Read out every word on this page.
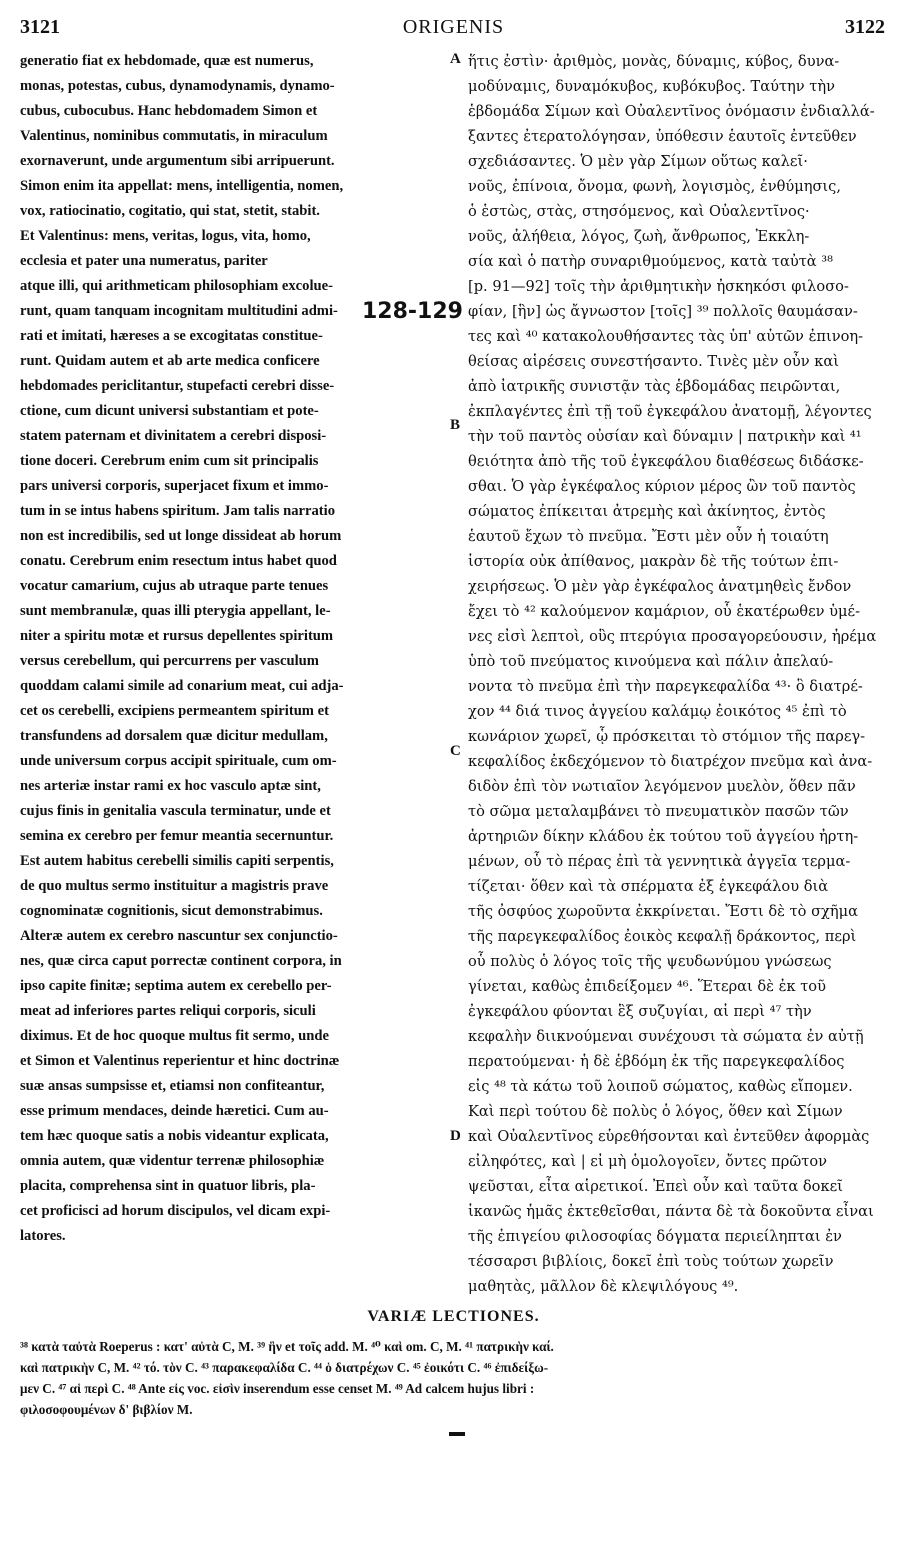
3121	ORIGENIS	3122
generatio fiat ex hebdomade, quæ est numerus,
monas, potestas, cubus, dynamodynamis, dynamo-
cubus, cubocubus. Hanc hebdomadem Simon et
Valentinus, nominibus commutatis, in miraculum
exornaverunt, unde argumentum sibi arripuerunt.
Simon enim ita appellat: mens, intelligentia, nomen,
vox, ratiocinatio, cogitatio, qui stat, stetit, stabit.
Et Valentinus: mens, veritas, logus, vita, homo,
ecclesia et pater una numeratus, pariter
atque illi, qui arithmeticam philosophiam excolue-
runt, quam tanquam incognitam multitudini admi-
rati et imitati, hæreses a se excogitatas constitue-
runt. Quidam autem et ab arte medica conficere
hebdomades periclitantur, stupefacti cerebri disse-
ctione, cum dicunt universi substantiam et pote-
statem paternam et divinitatem a cerebri disposi-
tione doceri. Cerebrum enim cum sit principalis
pars universi corporis, superjacet fixum et immo-
tum in se intus habens spiritum. Jam talis narratio
non est incredibilis, sed ut longe dissideat ab horum
conatu. Cerebrum enim resectum intus habet quod
vocatur camarium, cujus ab utraque parte tenues
sunt membranulæ, quas illi pterygia appellant, le-
niter a spiritu motæ et rursus depellentes spiritum
versus cerebellum, qui percurrens per vasculum
quoddam calami simile ad conarium meat, cui adja-
cet os cerebelli, excipiens permeantem spiritum et
transfundens ad dorsalem quæ dicitur medullam,
unde universum corpus accipit spirituale, cum om-
nes arteriæ instar rami ex hoc vasculo aptæ sint,
cujus finis in genitalia vascula terminatur, unde et
semina ex cerebro per femur meantia secernuntur.
Est autem habitus cerebelli similis capiti serpentis,
de quo multus sermo instituitur a magistris prave
cognominatæ cognitionis, sicut demonstrabimus.
Alteræ autem ex cerebro nascuntur sex conjunctio-
nes, quæ circa caput porrectæ continent corpora, in
ipso capite finitæ; septima autem ex cerebello per-
meat ad inferiores partes reliqui corporis, siculi
diximus. Et de hoc quoque multus fit sermo, unde
et Simon et Valentinus reperientur et hinc doctrinæ
suæ ansas sumpsisse et, etiamsi non confiteantur,
esse primum mendaces, deinde hæretici. Cum au-
tem hæc quoque satis a nobis videantur explicata,
omnia autem, quæ videntur terrenæ philosophiæ
placita, comprehensa sint in quatuor libris, pla-
cet proficisci ad horum discipulos, vel dicam expi-
latores.
ἥτις ἐστὶν· ἀριθμὸς, μονὰς, δύναμις, κύβος, δυνα-
μοδύναμις, δυναμόκυβος, κυβόκυβος. Ταύτην τὴν
ἑβδομάδα Σίμων καὶ Οὐαλεντῖνος ὀνόμασιν ἐνδιαλλά-
ξαντες ἐτερατολόγησαν, ὑπόθεσιν ἑαυτοῖς ἐντεῦθεν
σχεδιάσαντες. Ὁ μὲν γὰρ Σίμων οὕτως καλεῖ·
νοῦς, ἐπίνοια, ὄνομα, φωνὴ, λογισμὸς, ἐνθύμησις,
ὁ ἑστὼς, στὰς, στησόμενος, καὶ Οὐαλεντῖνος·
νοῦς, ἀλήθεια, λόγος, ζωὴ, ἄνθρωπος, Ἐκκλη-
σία καὶ ὁ πατὴρ συναριθμούμενος, κατὰ ταὐτὰ ³⁸
[p. 91—92] τοῖς τὴν ἀριθμητικὴν ἠσκηκόσι φιλοσο-
φίαν, [ἣν] ὡς ἄγνωστον [τοῖς] ³⁹ πολλοῖς θαυμάσαν-
τες καὶ ⁴⁰ κατακολουθήσαντες τὰς ὑπ' αὐτῶν ἐπινοη-
θείσας αἱρέσεις συνεστήσαντο. Τινὲς μὲν οὖν καὶ
ἀπὸ ἰατρικῆς συνιστᾷν τὰς ἑβδομάδας πειρῶνται,
ἐκπλαγέντες ἐπὶ τῇ τοῦ ἐγκεφάλου ἀνατομῇ, λέγοντες
τὴν τοῦ παντὸς οὐσίαν καὶ δύναμιν | πατρικὴν καὶ ⁴¹
θειότητα ἀπὸ τῆς τοῦ ἐγκεφάλου διαθέσεως διδάσκε-
σθαι. Ὁ γὰρ ἐγκέφαλος κύριον μέρος ὢν τοῦ παντὸς
σώματος ἐπίκειται ἀτρεμὴς καὶ ἀκίνητος, ἐντὸς
ἑαυτοῦ ἔχων τὸ πνεῦμα. Ἔστι μὲν οὖν ἡ τοιαύτη
ἱστορία οὐκ ἀπίθανος, μακρὰν δὲ τῆς τούτων ἐπι-
χειρήσεως. Ὁ μὲν γὰρ ἐγκέφαλος ἀνατμηθεὶς ἔνδον
ἔχει τὸ ⁴² καλούμενον καμάριον, οὗ ἑκατέρωθεν ὑμέ-
νες εἰσὶ λεπτοὶ, οὓς πτερύγια προσαγορεύουσιν, ἠρέμα
ὑπὸ τοῦ πνεύματος κινούμενα καὶ πάλιν ἀπελαύ-
νοντα τὸ πνεῦμα ἐπὶ τὴν παρεγκεφαλίδα ⁴³· ὃ διατρέ-
χον ⁴⁴ διά τινος ἀγγείου καλάμῳ ἐοικότος ⁴⁵ ἐπὶ τὸ
κωνάριον χωρεῖ, ᾧ πρόσκειται τὸ στόμιον τῆς παρεγ-
κεφαλίδος ἐκδεχόμενον τὸ διατρέχον πνεῦμα καὶ ἀνα-
διδὸν ἐπὶ τὸν νωτιαῖον λεγόμενον μυελὸν, ὅθεν πᾶν
τὸ σῶμα μεταλαμβάνει τὸ πνευματικὸν πασῶν τῶν
ἀρτηριῶν δίκην κλάδου ἐκ τούτου τοῦ ἀγγείου ἠρτη-
μένων, οὗ τὸ πέρας ἐπὶ τὰ γεννητικὰ ἀγγεῖα τερμα-
τίζεται· ὅθεν καὶ τὰ σπέρματα ἐξ ἐγκεφάλου διὰ
τῆς ὀσφύος χωροῦντα ἐκκρίνεται. Ἔστι δὲ τὸ σχῆμα
τῆς παρεγκεφαλίδος ἐοικὸς κεφαλῇ δράκοντος, περὶ
οὗ πολὺς ὁ λόγος τοῖς τῆς ψευδωνύμου γνώσεως
γίνεται, καθὼς ἐπιδείξομεν ⁴⁶. Ἕτεραι δὲ ἐκ τοῦ
ἐγκεφάλου φύονται ἓξ συζυγίαι, αἱ περὶ ⁴⁷ τὴν
κεφαλὴν διικνούμεναι συνέχουσι τὰ σώματα ἐν αὐτῇ
περατούμεναι· ἡ δὲ ἑβδόμη ἐκ τῆς παρεγκεφαλίδος
εἰς ⁴⁸ τὰ κάτω τοῦ λοιποῦ σώματος, καθὼς εἴπομεν.
Καὶ περὶ τούτου δὲ πολὺς ὁ λόγος, ὅθεν καὶ Σίμων
καὶ Οὐαλεντῖνος εὑρεθήσονται καὶ ἐντεῦθεν ἀφορμὰς
εἰληφότες, καὶ | εἰ μὴ ὁμολογοῖεν, ὄντες πρῶτον
ψεῦσται, εἶτα αἱρετικοί. Ἐπεὶ οὖν καὶ ταῦτα δοκεῖ
ἱκανῶς ἡμᾶς ἐκτεθεῖσθαι, πάντα δὲ τὰ δοκοῦντα εἶναι
τῆς ἐπιγείου φιλοσοφίας δόγματα περιείληπται ἐν
τέσσαρσι βιβλίοις, δοκεῖ ἐπὶ τοὺς τούτων χωρεῖν
μαθητὰς, μᾶλλον δὲ κλεψιλόγους ⁴⁹.
A
B
C
D
128-129
VARIÆ LECTIONES.
³⁸ κατὰ ταὐτὰ Roeperus : κατ' αὐτὰ C, M. ³⁹ ἣν et τοῖς add. M. ⁴⁰ καὶ om. C, M. ⁴¹ πατρικὴν καί.
καὶ πατρικὴν C, M. ⁴² τό. τὸν C. ⁴³ παρακεφαλίδα C. ⁴⁴ ὁ διατρέχων C. ⁴⁵ ἐοικότι C. ⁴⁶ ἐπιδείξω-
μεν C. ⁴⁷ αἱ περὶ C. ⁴⁸ Ante εἰς voc. εἰσὶν inserendum esse censet M. ⁴⁹ Ad calcem hujus libri :
φιλοσοφουμένων δ' βιβλίον M.
